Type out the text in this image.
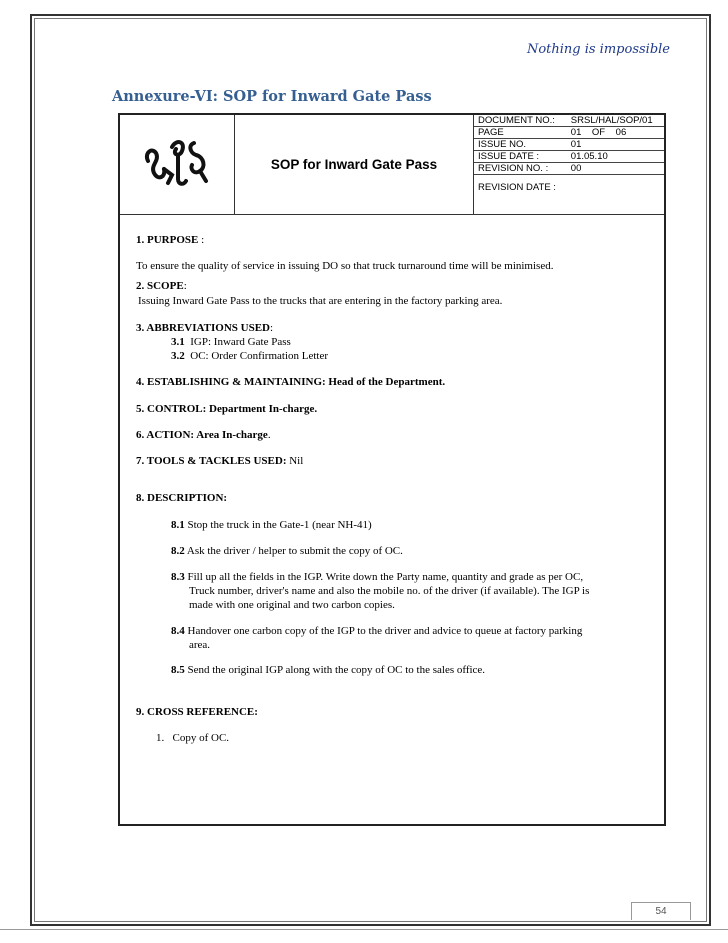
Nothing is impossible
Annexure-VI: SOP for Inward Gate Pass
SOP for Inward Gate Pass
DOCUMENT NO.:	SRSL/HAL/SOP/01
PAGE	01    OF    06
ISSUE NO.	01
ISSUE DATE :	01.05.10
REVISION NO. :	00
REVISION DATE :	
1. PURPOSE :
To ensure the quality of service in issuing DO so that truck turnaround time will be minimised.
2. SCOPE:
Issuing Inward Gate Pass to the trucks that are entering in the factory parking area.
3. ABBREVIATIONS USED:
3.1 IGP: Inward Gate Pass
3.2 OC: Order Confirmation Letter
4. ESTABLISHING & MAINTAINING: Head of the Department.
5. CONTROL: Department In-charge.
6. ACTION: Area In-charge.
7. TOOLS & TACKLES USED: Nil
8. DESCRIPTION:
8.1 Stop the truck in the Gate-1 (near NH-41)
8.2 Ask the driver / helper to submit the copy of OC.
8.3 Fill up all the fields in the IGP. Write down the Party name, quantity and grade as per OC,
Truck number, driver's name and also the mobile no. of the driver (if available). The IGP is
made with one original and two carbon copies.
8.4 Handover one carbon copy of the IGP to the driver and advice to queue at factory parking
area.
8.5 Send the original IGP along with the copy of OC to the sales office.
9. CROSS REFERENCE:
1. Copy of OC.
54
